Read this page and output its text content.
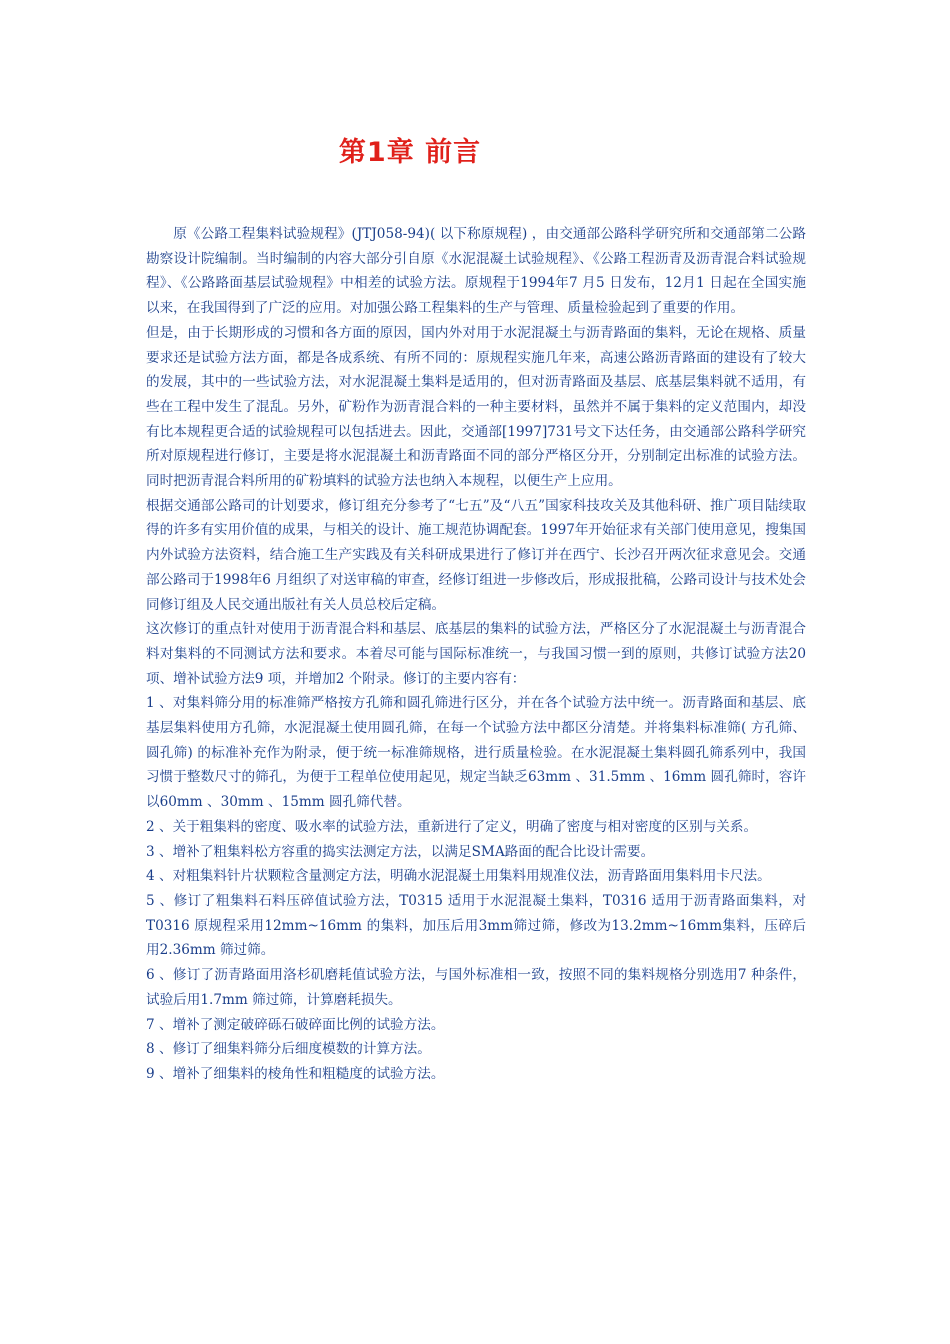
第1章 前言

原《公路工程集料试验规程》(JTJ058-94)( 以下称原规程) ，由交通部公路科学研究所和交通部第二公路勘察设计院编制。当时编制的内容大部分引自原《水泥混凝土试验规程》、《公路工程沥青及沥青混合料试验规程》、《公路路面基层试验规程》中相差的试验方法。原规程于1994年7 月5 日发布，12月1 日起在全国实施以来，在我国得到了广泛的应用。对加强公路工程集料的生产与管理、质量检验起到了重要的作用。

但是，由于长期形成的习惯和各方面的原因，国内外对用于水泥混凝土与沥青路面的集料，无论在规格、质量要求还是试验方法方面，都是各成系统、有所不同的：原规程实施几年来，高速公路沥青路面的建设有了较大的发展，其中的一些试验方法，对水泥混凝土集料是适用的，但对沥青路面及基层、底基层集料就不适用，有些在工程中发生了混乱。另外，矿粉作为沥青混合料的一种主要材料，虽然并不属于集料的定义范围内，却没有比本规程更合适的试验规程可以包括进去。因此，交通部[1997]731号文下达任务，由交通部公路科学研究所对原规程进行修订，主要是将水泥混凝土和沥青路面不同的部分严格区分开，分别制定出标准的试验方法。同时把沥青混合料所用的矿粉填料的试验方法也纳入本规程，以便生产上应用。

根据交通部公路司的计划要求，修订组充分参考了“七五”及“八五”国家科技攻关及其他科研、推广项目陆续取得的许多有实用价值的成果，与相关的设计、施工规范协调配套。1997年开始征求有关部门使用意见，搜集国内外试验方法资料，结合施工生产实践及有关科研成果进行了修订并在西宁、长沙召开两次征求意见会。交通部公路司于1998年6 月组织了对送审稿的审查，经修订组进一步修改后，形成报批稿，公路司设计与技术处会同修订组及人民交通出版社有关人员总校后定稿。

这次修订的重点针对使用于沥青混合料和基层、底基层的集料的试验方法，严格区分了水泥混凝土与沥青混合料对集料的不同测试方法和要求。本着尽可能与国际标准统一，与我国习惯一到的原则，共修订试验方法20项、增补试验方法9 项，并增加2 个附录。修订的主要内容有：

1 、对集料筛分用的标准筛严格按方孔筛和圆孔筛进行区分，并在各个试验方法中统一。沥青路面和基层、底基层集料使用方孔筛，水泥混凝土使用圆孔筛，在每一个试验方法中都区分清楚。并将集料标准筛( 方孔筛、圆孔筛) 的标准补充作为附录，便于统一标准筛规格，进行质量检验。在水泥混凝土集料圆孔筛系列中，我国习惯于整数尺寸的筛孔，为便于工程单位使用起见，规定当缺乏63mm 、31.5mm 、16mm 圆孔筛时，容许以60mm 、30mm 、15mm 圆孔筛代替。

2 、关于粗集料的密度、吸水率的试验方法，重新进行了定义，明确了密度与相对密度的区别与关系。

3 、增补了粗集料松方容重的捣实法测定方法，以满足SMA路面的配合比设计需要。

4 、对粗集料针片状颗粒含量测定方法，明确水泥混凝土用集料用规准仪法，沥青路面用集料用卡尺法。

5 、修订了粗集料石料压碎值试验方法，T0315 适用于水泥混凝土集料，T0316 适用于沥青路面集料，对T0316 原规程采用12mm~16mm 的集料，加压后用3mm筛过筛，修改为13.2mm~16mm集料，压碎后用2.36mm 筛过筛。

6 、修订了沥青路面用洛杉矶磨耗值试验方法，与国外标准相一致，按照不同的集料规格分别选用7 种条件，试验后用1.7mm 筛过筛，计算磨耗损失。

7 、增补了测定破碎砾石破碎面比例的试验方法。

8 、修订了细集料筛分后细度模数的计算方法。

9 、增补了细集料的棱角性和粗糙度的试验方法。
